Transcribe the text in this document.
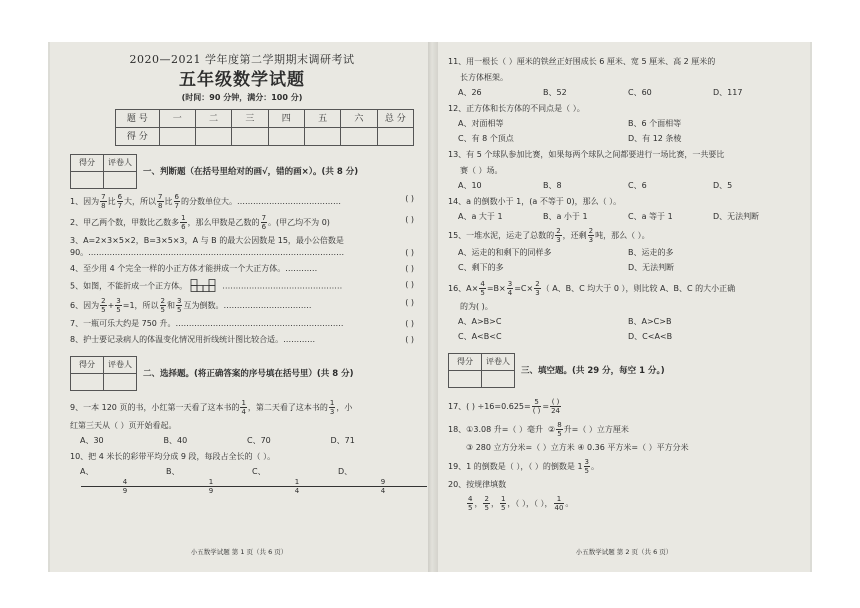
2020—2021 学年度第二学期期末调研考试
五年级数学试题
(时间：90 分钟，满分：100 分)
题 号	一	二	三	四	五	六	总 分
得 分							
得分	评卷人

一、判断题（在括号里给对的画√，错的画×）。(共 8 分)
1、因为 $\frac{7}{8}$ 比 $\frac{6}{7}$ 大，所以 $\frac{7}{8}$ 比 $\frac{6}{7}$ 的分数单位大。…………………………………	( )
2、甲乙两个数，甲数比乙数多 $\frac{1}{6}$ ，那么甲数是乙数的 $\frac{7}{6}$ 。(甲乙均不为 0)	( )
3、A=2×3×5×2，B=3×5×3，A 与 B 的最大公因数是 15，最小公倍数是
90。……………………………………………………………………………………	( )
4、至少用 4 个完全一样的小正方体才能拼成一个大正方体。…………	( )
5、如图，不能折成一个正方体。	………………………………………	( )
6、因为 $\frac{2}{5} + \frac{3}{5} =1$，所以 $\frac{2}{5}$ 和 $\frac{3}{5}$ 互为倒数。……………………………	( )
7、一瓶可乐大约是 750 升。………………………………………………………	( )
8、护士要记录病人的体温变化情况用折线统计图比较合适。…………	( )
得分	评卷人

二、选择题。(将正确答案的序号填在括号里）(共 8 分)
9、一本 120 页的书，小红第一天看了这本书的 $\frac{1}{4}$ ，第二天看了这本书的 $\frac{1}{3}$ ，小
红第三天从（ ）页开始看起。
A、30	B、40	C、70	D、71
10、把 4 米长的彩带平均分成 9 段，每段占全长的（ ）。
A、
$\frac{4}{9}$
B、
$\frac{1}{9}$
C、
$\frac{1}{4}$
D、
$\frac{9}{4}$
小五数学试题 第 1 页（共 6 页）
11、用一根长（ ）厘米的铁丝正好围成长 6 厘米、宽 5 厘米、高 2 厘米的
长方体框架。
A、26	B、52	C、60	D、117
12、正方体和长方体的不同点是（ ）。
A、对面相等	B、6 个面相等
C、有 8 个顶点	D、有 12 条棱
13、有 5 个球队参加比赛，如果每两个球队之间都要进行一场比赛，一共要比
赛（ ）场。
A、10	B、8	C、6	D、5
14、a 的倒数小于 1，(a 不等于 0)，那么（ ）。
A、a 大于 1	B、a 小于 1	C、a 等于 1	D、无法判断
15、一堆水泥，运走了总数的 $\frac{2}{3}$ ，还剩 $\frac{2}{3}$ 吨，那么（ ）。
A、运走的和剩下的同样多	B、运走的多
C、剩下的多	D、无法判断
16、$A\times \frac{4}{5} =B\times \frac{3}{4} =C\times \frac{2}{3}$ （ A、B、C 均大于 0 ），则比较 A、B、C 的大小正确
的为( )。
A、A>B>C	B、A>C>B
C、A<B<C	D、C<A<B
得分	评卷人

三、填空题。(共 29 分，每空 1 分。)
17、( ) $\div 16=0.625= \frac{5}{( )} = \frac{( )}{24}$
18、①3.08 升=（ ）毫升 ② $\frac{8}{5}$ 升=（ ）立方厘米
③ 280 立方分米=（ ）立方米 ④ 0.36 平方米=（ ）平方分米
19、1 的倒数是（ ），（ ）的倒数是 $1 \frac{3}{5}$ 。
20、按规律填数
$\frac{4}{5}$ ， $\frac{2}{5}$ ， $\frac{1}{5}$ ，（ ），（ ）， $\frac{1}{40}$ 。
小五数学试题 第 2 页（共 6 页）
